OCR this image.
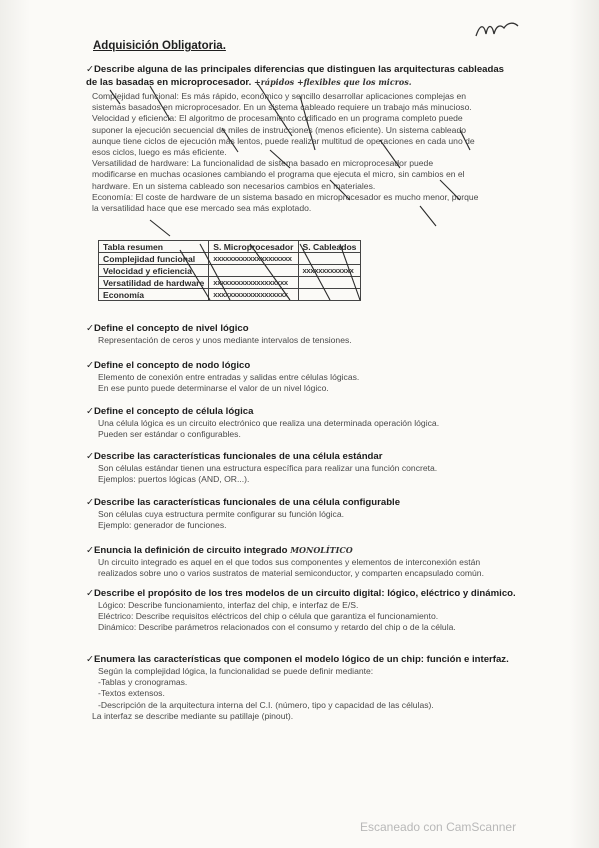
Adquisición Obligatoria.

✓Describe alguna de las principales diferencias que distinguen las arquitecturas cableadas de las basadas en microprocesador. +rápidos +flexibles que los micros.

Complejidad funcional: Es más rápido, económico y sencillo desarrollar aplicaciones complejas en

sistemas basados en microprocesador. En un sistema cableado requiere un trabajo más minucioso.

Velocidad y eficiencia: El algoritmo de procesamiento codificado en un programa completo puede

suponer la ejecución secuencial de miles de instrucciones (menos eficiente). Un sistema cableado

aunque tiene ciclos de ejecución más lentos, puede realizar multitud de operaciones en cada uno de

esos ciclos, luego es más eficiente.

Versatilidad de hardware: La funcionalidad de sistema basado en microprocesador puede

modificarse en muchas ocasiones cambiando el programa que ejecuta el micro, sin cambios en el

hardware. En un sistema cableado son necesarios cambios en materiales.

Economía: El coste de hardware de un sistema basado en microprocesador es mucho menor, porque

la versatilidad hace que ese mercado sea más explotado.

Tabla resumen	S. Microprocesador	S. Cableados
Complejidad funcional	xxxxxxxxxxxxxxxxxxxx	
Velocidad y eficiencia		xxxxxxxxxxxxx
Versatilidad de hardware	xxxxxxxxxxxxxxxxxxx	
Economía	xxxxxxxxxxxxxxxxxxx	

✓Define el concepto de nivel lógico

Representación de ceros y unos mediante intervalos de tensiones.

✓Define el concepto de nodo lógico

Elemento de conexión entre entradas y salidas entre células lógicas.

En ese punto puede determinarse el valor de un nivel lógico.

✓Define el concepto de célula lógica

Una célula lógica es un circuito electrónico que realiza una determinada operación lógica.

Pueden ser estándar o configurables.

✓Describe las características funcionales de una célula estándar

Son células estándar tienen una estructura específica para realizar una función concreta.

Ejemplos: puertos lógicas (AND, OR...).

✓Describe las características funcionales de una célula configurable

Son células cuya estructura permite configurar su función lógica.

Ejemplo: generador de funciones.

✓Enuncia la definición de circuito integrado MONOLÍTICO

Un circuito integrado es aquel en el que todos sus componentes y elementos de interconexión están

realizados sobre uno o varios sustratos de material semiconductor, y comparten encapsulado común.

✓Describe el propósito de los tres modelos de un circuito digital: lógico, eléctrico y dinámico.

Lógico: Describe funcionamiento, interfaz del chip, e interfaz de E/S.

Eléctrico: Describe requisitos eléctricos del chip o célula que garantiza el funcionamiento.

Dinámico: Describe parámetros relacionados con el consumo y retardo del chip o de la célula.

✓Enumera las características que componen el modelo lógico de un chip: función e interfaz.

Según la complejidad lógica, la funcionalidad se puede definir mediante:

-Tablas y cronogramas.

-Textos extensos.

-Descripción de la arquitectura interna del C.I. (número, tipo y capacidad de las células).

La interfaz se describe mediante su patillaje (pinout).

Escaneado con CamScanner
